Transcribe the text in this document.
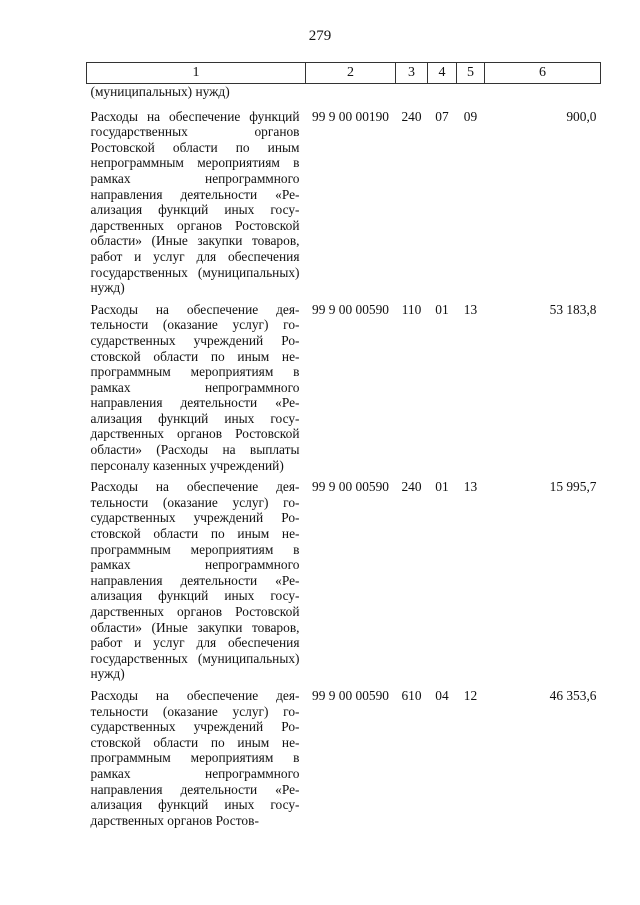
279
1	2	3	4	5	6
(муниципальных) нужд)					
Расходы на обеспечение функций государственных органов Ростовской области по иным непрограммным мероприятиям в рамках непрограммного направления деятельности «Реализация функций иных государственных органов Ростовской области» (Иные закупки товаров, работ и услуг для обеспечения государственных (муниципальных) нужд)	99 9 00 00190	240	07	09	900,0
Расходы на обеспечение деятельности (оказание услуг) государственных учреждений Ростовской области по иным непрограммным мероприятиям в рамках непрограммного направления деятельности «Реализация функций иных государственных органов Ростовской области» (Расходы на выплаты персоналу казенных учреждений)	99 9 00 00590	110	01	13	53 183,8
Расходы на обеспечение деятельности (оказание услуг) государственных учреждений Ростовской области по иным непрограммным мероприятиям в рамках непрограммного направления деятельности «Реализация функций иных государственных органов Ростовской области» (Иные закупки товаров, работ и услуг для обеспечения государственных (муниципальных) нужд)	99 9 00 00590	240	01	13	15 995,7
Расходы на обеспечение деятельности (оказание услуг) государственных учреждений Ростовской области по иным непрограммным мероприятиям в рамках непрограммного направления деятельности «Реализация функций иных государственных органов Ростов-	99 9 00 00590	610	04	12	46 353,6
